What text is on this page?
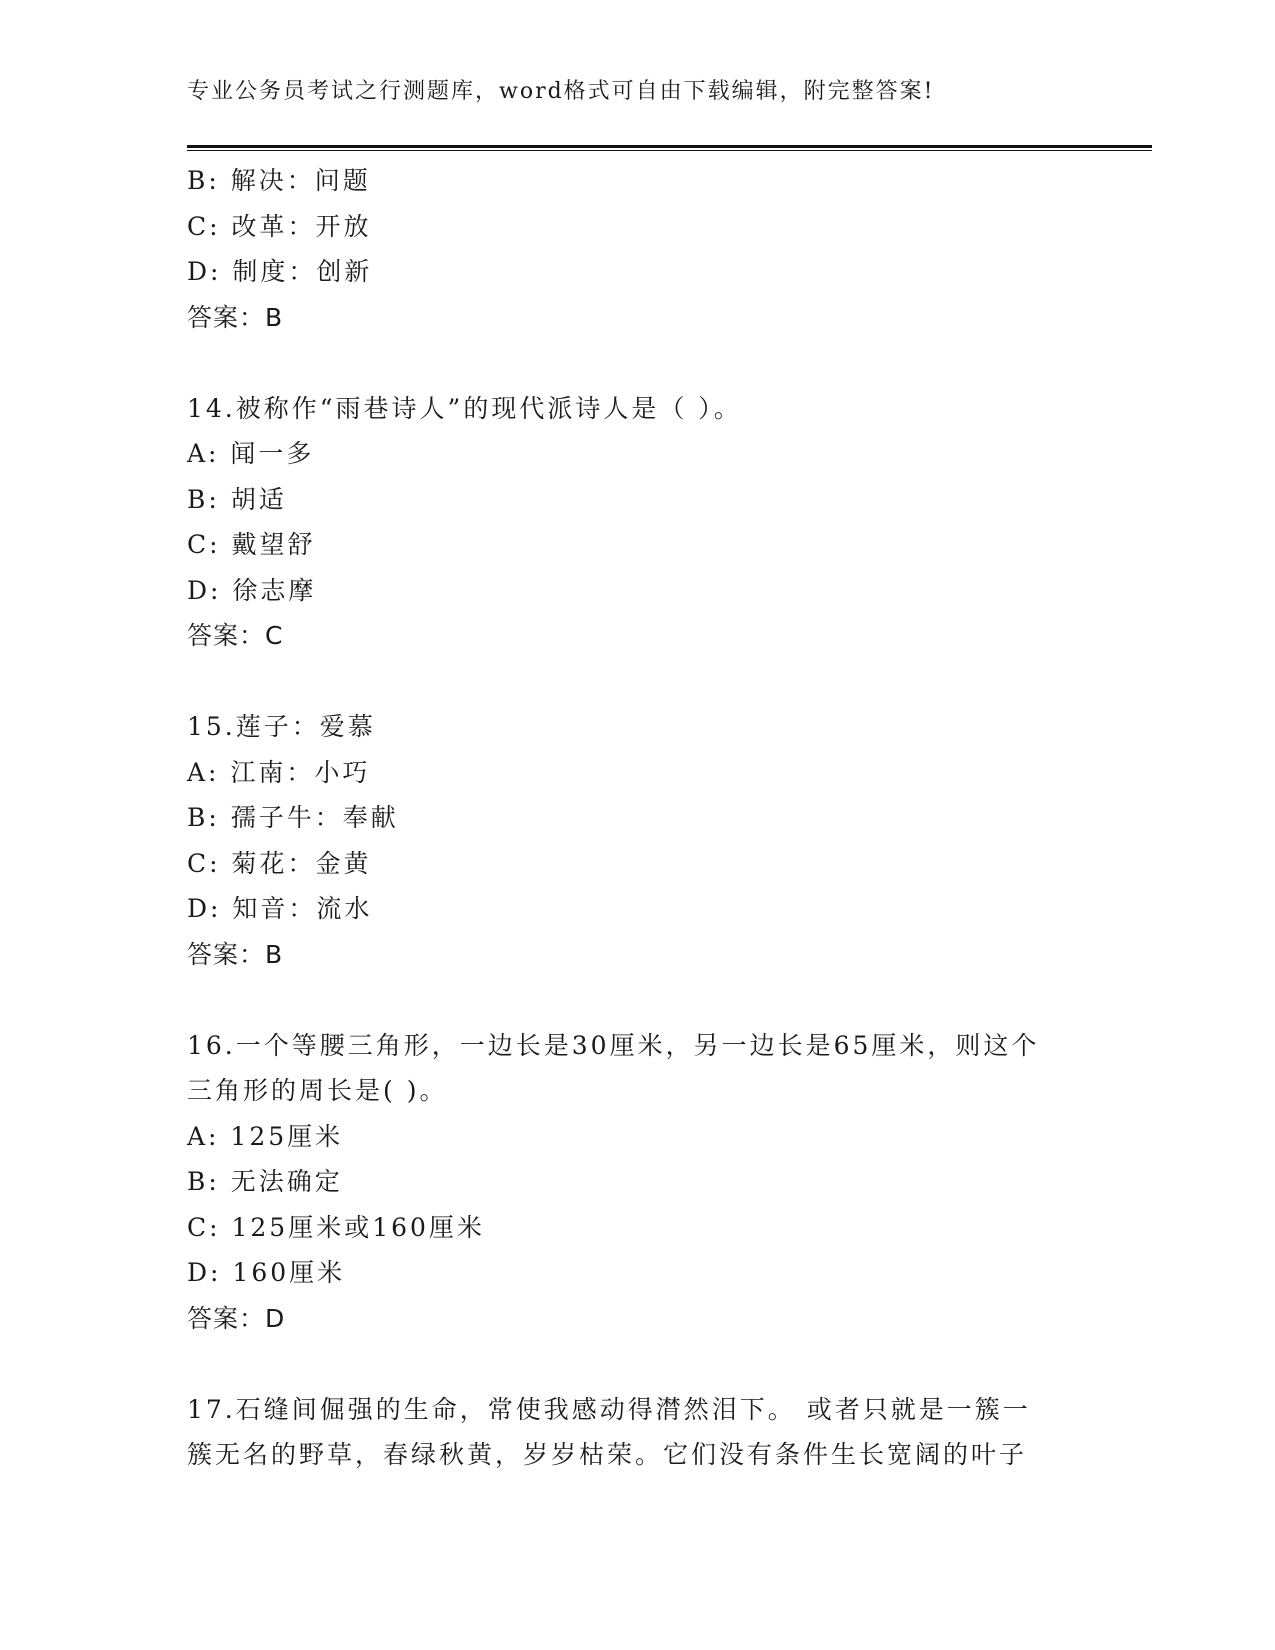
专业公务员考试之行测题库，word格式可自由下载编辑，附完整答案!
B: 解决：问题
C: 改革：开放
D: 制度：创新
答案：B
14.被称作“雨巷诗人”的现代派诗人是（ ）。
A: 闻一多
B: 胡适
C: 戴望舒
D: 徐志摩
答案：C
15.莲子：爱慕
A: 江南：小巧
B: 孺子牛：奉献
C: 菊花：金黄
D: 知音：流水
答案：B
16.一个等腰三角形，一边长是30厘米，另一边长是65厘米，则这个
三角形的周长是( )。
A: 125厘米
B: 无法确定
C: 125厘米或160厘米
D: 160厘米
答案：D
17.石缝间倔强的生命，常使我感动得潸然泪下。 或者只就是一簇一
簇无名的野草，春绿秋黄，岁岁枯荣。它们没有条件生长宽阔的叶子
